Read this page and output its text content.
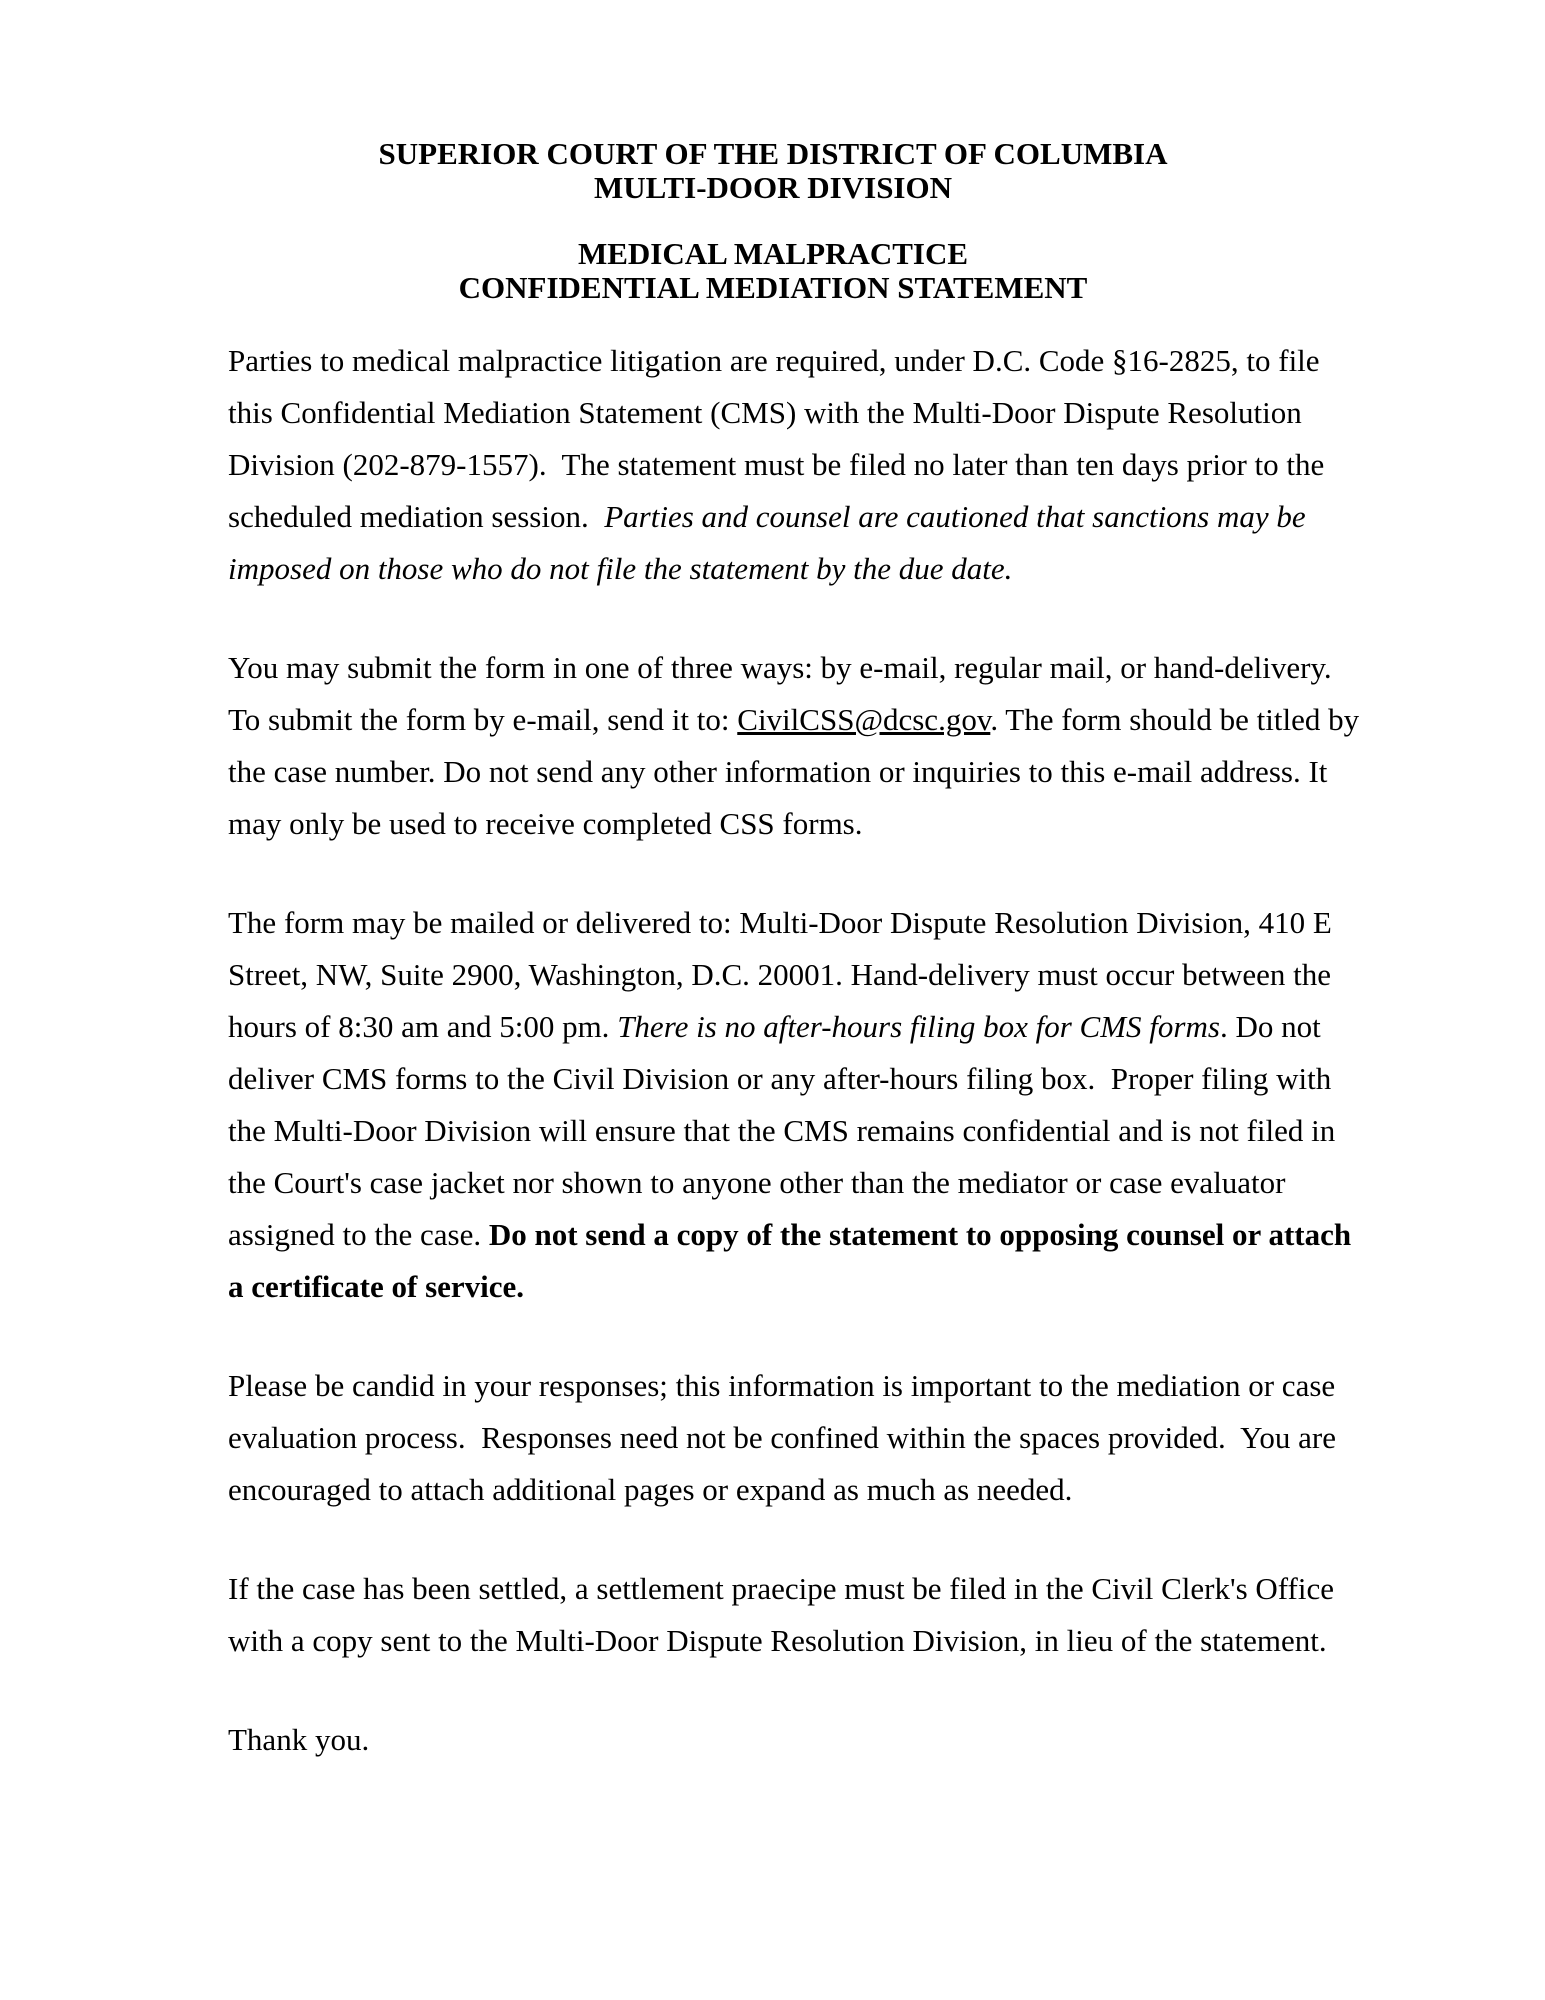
SUPERIOR COURT OF THE DISTRICT OF COLUMBIA
MULTI-DOOR DIVISION
MEDICAL MALPRACTICE
CONFIDENTIAL MEDIATION STATEMENT

Parties to medical malpractice litigation are required, under D.C. Code §16-2825, to file this Confidential Mediation Statement (CMS) with the Multi-Door Dispute Resolution Division (202-879-1557).  The statement must be filed no later than ten days prior to the scheduled mediation session.  Parties and counsel are cautioned that sanctions may be imposed on those who do not file the statement by the due date.

You may submit the form in one of three ways: by e-mail, regular mail, or hand-delivery. To submit the form by e-mail, send it to: CivilCSS@dcsc.gov. The form should be titled by the case number. Do not send any other information or inquiries to this e-mail address. It may only be used to receive completed CSS forms.

The form may be mailed or delivered to: Multi-Door Dispute Resolution Division, 410 E Street, NW, Suite 2900, Washington, D.C. 20001. Hand-delivery must occur between the hours of 8:30 am and 5:00 pm. There is no after-hours filing box for CMS forms. Do not deliver CMS forms to the Civil Division or any after-hours filing box.  Proper filing with the Multi-Door Division will ensure that the CMS remains confidential and is not filed in the Court's case jacket nor shown to anyone other than the mediator or case evaluator assigned to the case. Do not send a copy of the statement to opposing counsel or attach a certificate of service.

Please be candid in your responses; this information is important to the mediation or case evaluation process.  Responses need not be confined within the spaces provided.  You are encouraged to attach additional pages or expand as much as needed.

If the case has been settled, a settlement praecipe must be filed in the Civil Clerk's Office with a copy sent to the Multi-Door Dispute Resolution Division, in lieu of the statement.

Thank you.
